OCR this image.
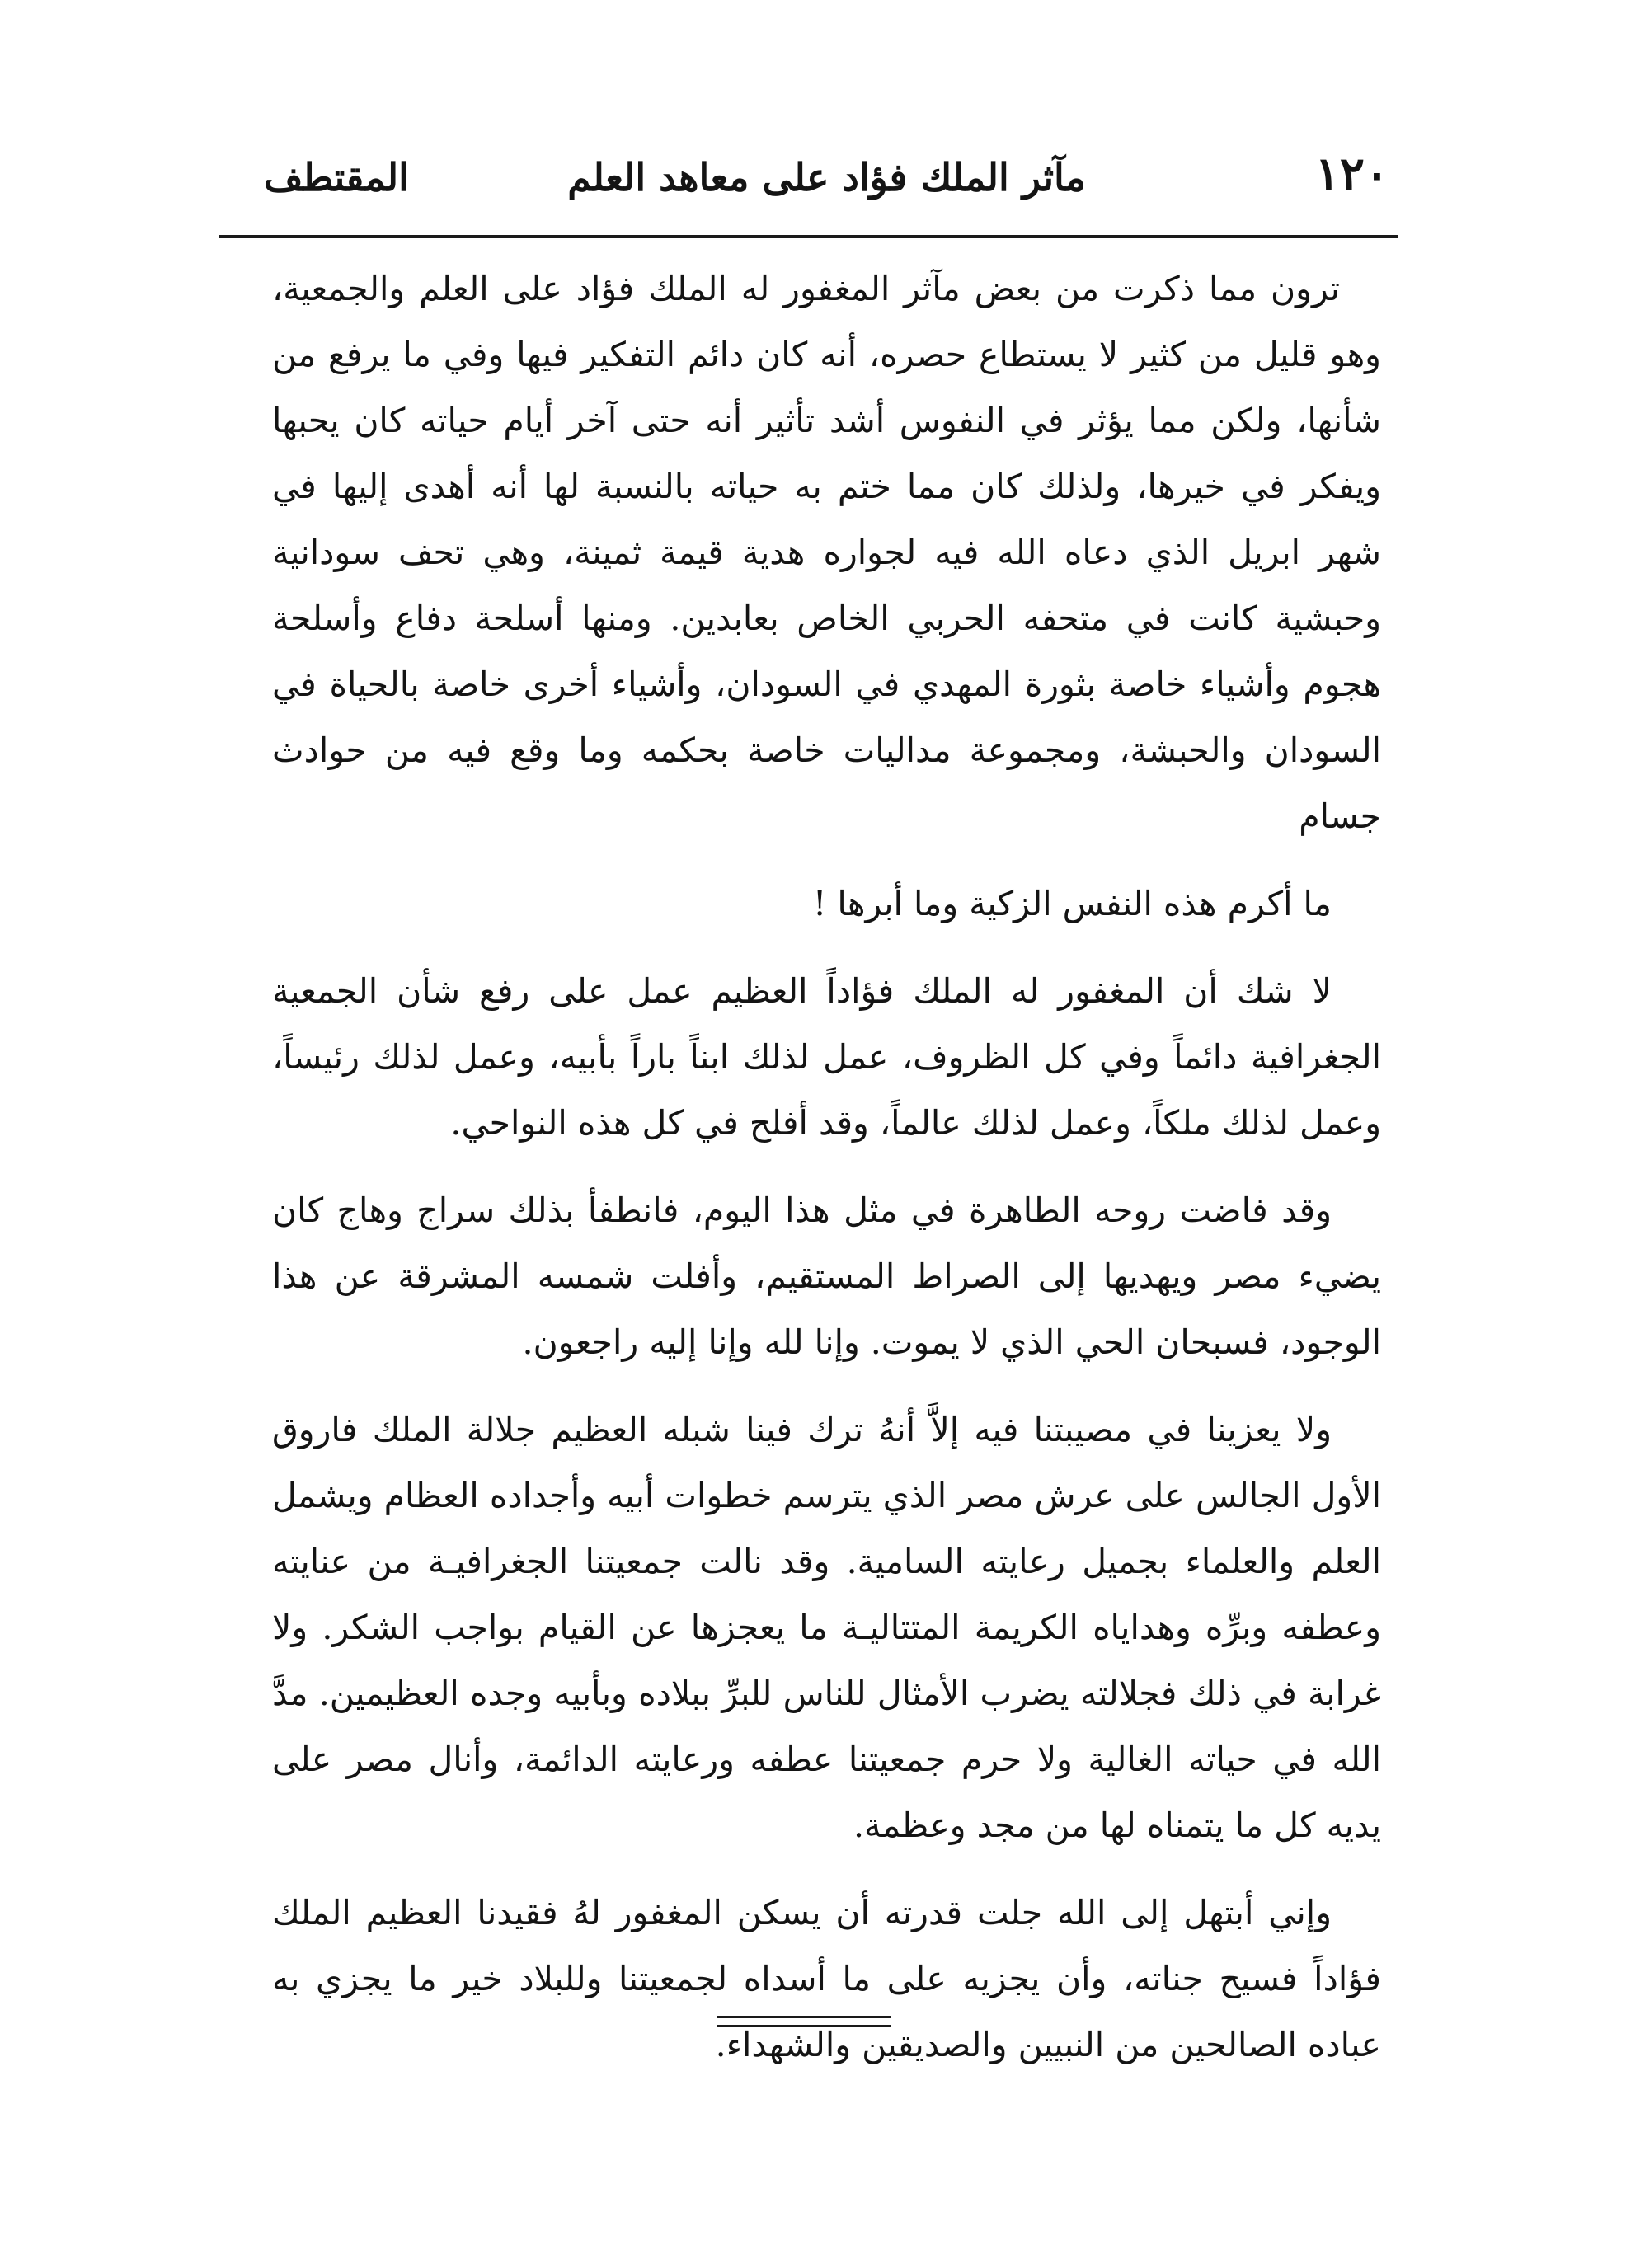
١٢٠
مآثر الملك فؤاد على معاهد العلم
المقتطف

ترون مما ذكرت من بعض مآثر المغفور له الملك فؤاد على العلم والجمعية، وهو قليل من كثير لا يستطاع حصره، أنه كان دائم التفكير فيها وفي ما يرفع من شأنها، ولكن مما يؤثر في النفوس أشد تأثير أنه حتى آخر أيام حياته كان يحبها ويفكر في خيرها، ولذلك كان مما ختم به حياته بالنسبة لها أنه أهدى إليها في شهر ابريل الذي دعاه الله فيه لجواره هدية قيمة ثمينة، وهي تحف سودانية وحبشية كانت في متحفه الحربي الخاص بعابدين. ومنها أسلحة دفاع وأسلحة هجوم وأشياء خاصة بثورة المهدي في السودان، وأشياء أخرى خاصة بالحياة في السودان والحبشة، ومجموعة مداليات خاصة بحكمه وما وقع فيه من حوادث جسام

ما أكرم هذه النفس الزكية وما أبرها !

لا شك أن المغفور له الملك فؤاداً العظيم عمل على رفع شأن الجمعية الجغرافية دائماً وفي كل الظروف، عمل لذلك ابناً باراً بأبيه، وعمل لذلك رئيساً، وعمل لذلك ملكاً، وعمل لذلك عالماً، وقد أفلح في كل هذه النواحي.

وقد فاضت روحه الطاهرة في مثل هذا اليوم، فانطفأ بذلك سراج وهاج كان يضيء مصر ويهديها إلى الصراط المستقيم، وأفلت شمسه المشرقة عن هذا الوجود، فسبحان الحي الذي لا يموت. وإنا لله وإنا إليه راجعون.

ولا يعزينا في مصيبتنا فيه إلاَّ أنهُ ترك فينا شبله العظيم جلالة الملك فاروق الأول الجالس على عرش مصر الذي يترسم خطوات أبيه وأجداده العظام ويشمل العلم والعلماء بجميل رعايته السامية. وقد نالت جمعيتنا الجغرافيـة من عنايته وعطفه وبرِّه وهداياه الكريمة المتتاليـة ما يعجزها عن القيام بواجب الشكر. ولا غرابة في ذلك فجلالته يضرب الأمثال للناس للبرِّ ببلاده وبأبيه وجده العظيمين. مدَّ الله في حياته الغالية ولا حرم جمعيتنا عطفه ورعايته الدائمة، وأنال مصر على يديه كل ما يتمناه لها من مجد وعظمة.

وإني أبتهل إلى الله جلت قدرته أن يسكن المغفور لهُ فقيدنا العظيم الملك فؤاداً فسيح جناته، وأن يجزيه على ما أسداه لجمعيتنا وللبلاد خير ما يجزي به عباده الصالحين من النبيين والصديقين والشهداء.
